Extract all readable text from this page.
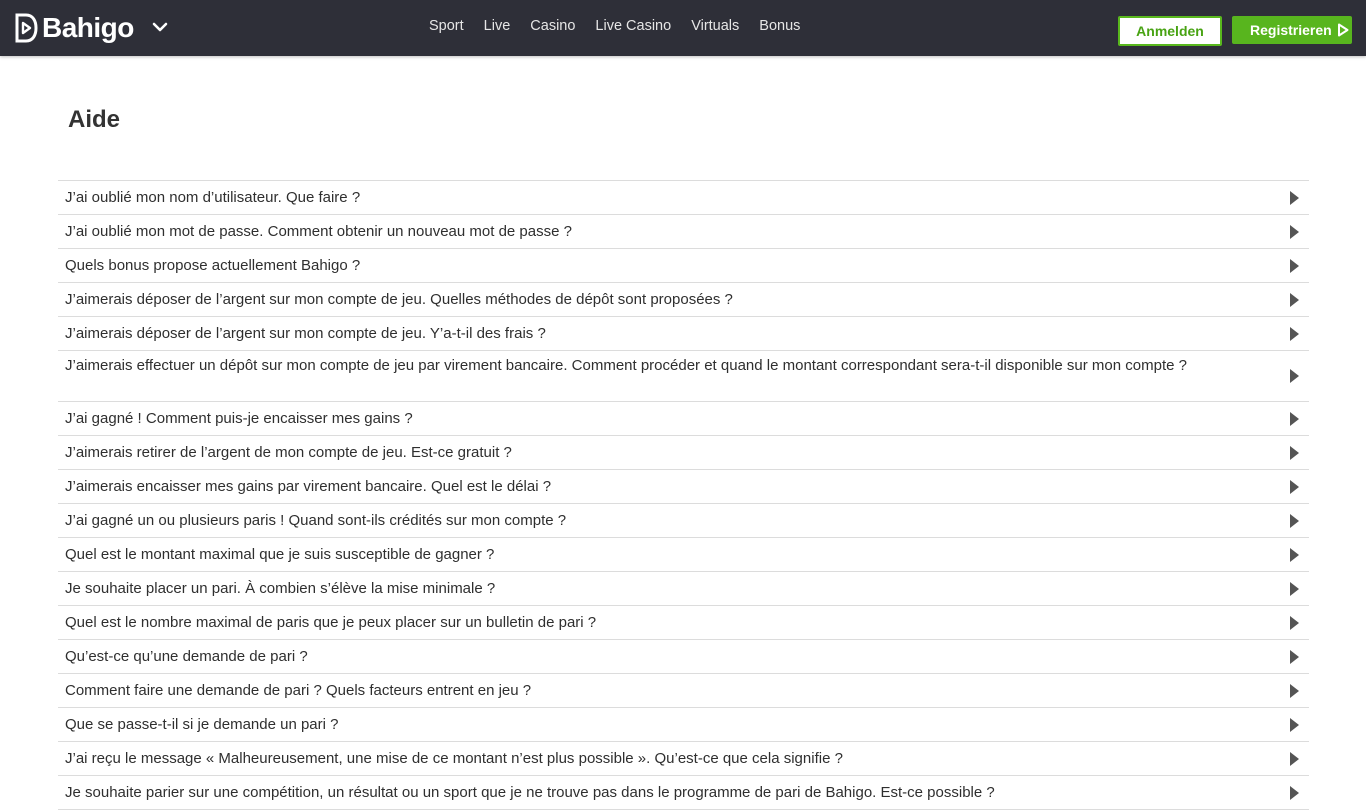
Bahigo	Sport Live Casino Live Casino Virtuals Bonus	Anmelden	Registrieren
Aide
J’ai oublié mon nom d’utilisateur. Que faire ?
J’ai oublié mon mot de passe. Comment obtenir un nouveau mot de passe ?
Quels bonus propose actuellement Bahigo ?
J’aimerais déposer de l’argent sur mon compte de jeu. Quelles méthodes de dépôt sont proposées ?
J’aimerais déposer de l’argent sur mon compte de jeu. Y’a-t-il des frais ?
J’aimerais effectuer un dépôt sur mon compte de jeu par virement bancaire. Comment procéder et quand le montant correspondant sera-t-il disponible sur mon compte ?
J’ai gagné ! Comment puis-je encaisser mes gains ?
J’aimerais retirer de l’argent de mon compte de jeu. Est-ce gratuit ?
J’aimerais encaisser mes gains par virement bancaire. Quel est le délai ?
J’ai gagné un ou plusieurs paris ! Quand sont-ils crédités sur mon compte ?
Quel est le montant maximal que je suis susceptible de gagner ?
Je souhaite placer un pari. À combien s’élève la mise minimale ?
Quel est le nombre maximal de paris que je peux placer sur un bulletin de pari ?
Qu’est-ce qu’une demande de pari ?
Comment faire une demande de pari ? Quels facteurs entrent en jeu ?
Que se passe-t-il si je demande un pari ?
J’ai reçu le message « Malheureusement, une mise de ce montant n’est plus possible ». Qu’est-ce que cela signifie ?
Je souhaite parier sur une compétition, un résultat ou un sport que je ne trouve pas dans le programme de pari de Bahigo. Est-ce possible ?
